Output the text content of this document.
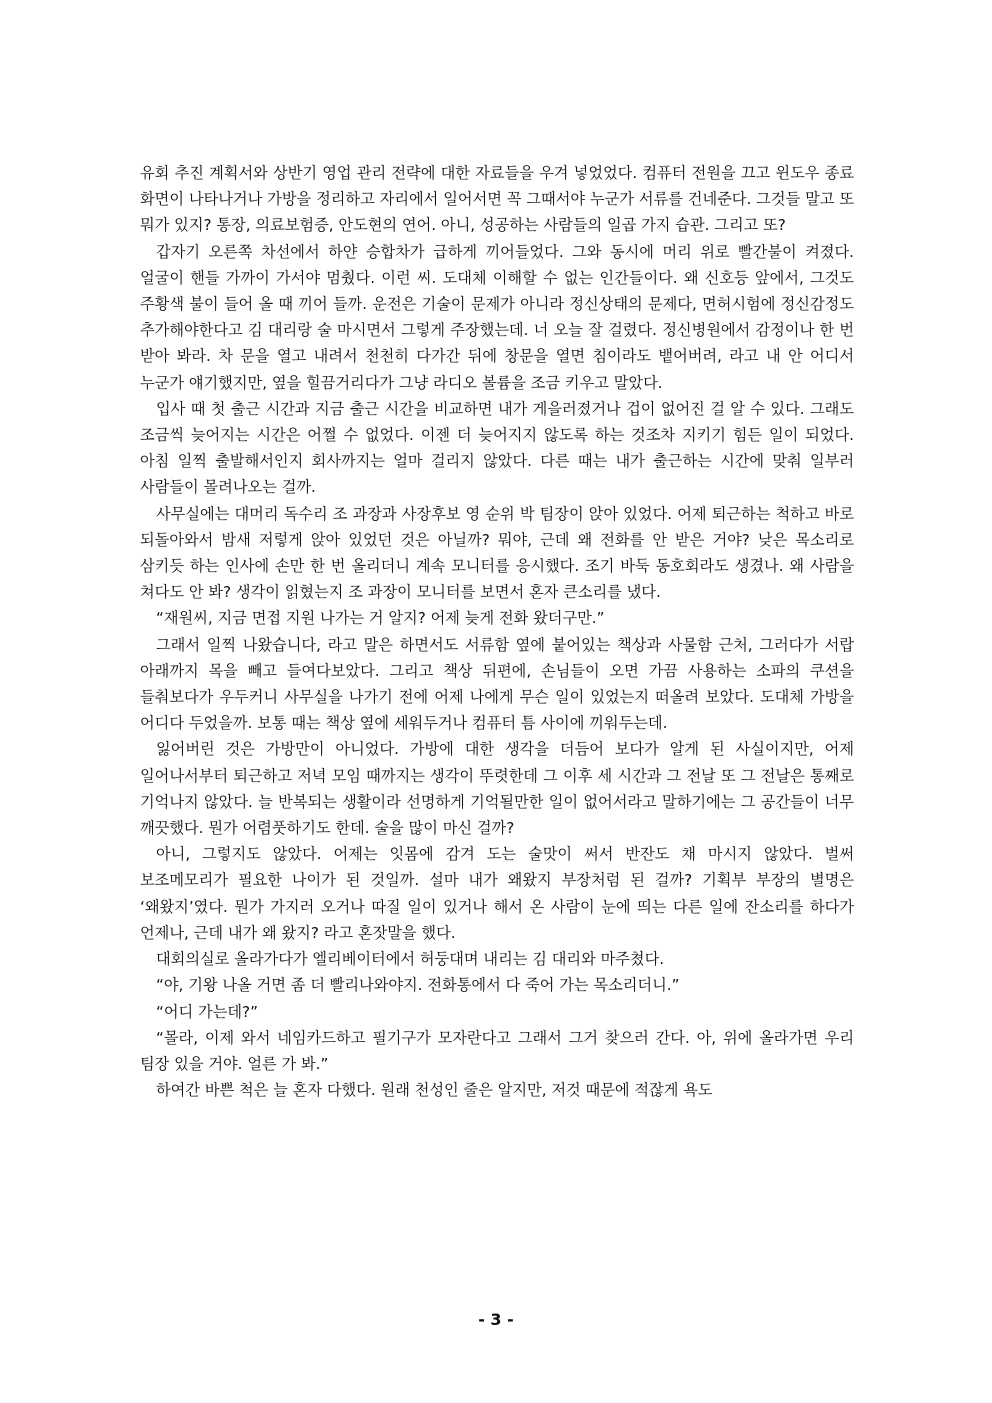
유회 추진 계획서와 상반기 영업 관리 전략에 대한 자료들을 우겨 넣었었다. 컴퓨터 전원을 끄고 윈도우 종료 화면이 나타나거나 가방을 정리하고 자리에서 일어서면 꼭 그때서야 누군가 서류를 건네준다. 그것들 말고 또 뭐가 있지? 통장, 의료보험증, 안도현의 연어. 아니, 성공하는 사람들의 일곱 가지 습관. 그리고 또?

갑자기 오른쪽 차선에서 하얀 승합차가 급하게 끼어들었다. 그와 동시에 머리 위로 빨간불이 켜졌다. 얼굴이 핸들 가까이 가서야 멈췄다. 이런 씨. 도대체 이해할 수 없는 인간들이다. 왜 신호등 앞에서, 그것도 주황색 불이 들어 올 때 끼어 들까. 운전은 기술이 문제가 아니라 정신상태의 문제다, 면허시험에 정신감정도 추가해야한다고 김 대리랑 술 마시면서 그렇게 주장했는데. 너 오늘 잘 걸렸다. 정신병원에서 감정이나 한 번 받아 봐라. 차 문을 열고 내려서 천천히 다가간 뒤에 창문을 열면 침이라도 뱉어버려, 라고 내 안 어디서 누군가 얘기했지만, 옆을 힐끔거리다가 그냥 라디오 볼륨을 조금 키우고 말았다.

입사 때 첫 출근 시간과 지금 출근 시간을 비교하면 내가 게을러졌거나 겁이 없어진 걸 알 수 있다. 그래도 조금씩 늦어지는 시간은 어쩔 수 없었다. 이젠 더 늦어지지 않도록 하는 것조차 지키기 힘든 일이 되었다. 아침 일찍 출발해서인지 회사까지는 얼마 걸리지 않았다. 다른 때는 내가 출근하는 시간에 맞춰 일부러 사람들이 몰려나오는 걸까.

사무실에는 대머리 독수리 조 과장과 사장후보 영 순위 박 팀장이 앉아 있었다. 어제 퇴근하는 척하고 바로 되돌아와서 밤새 저렇게 앉아 있었던 것은 아닐까? 뭐야, 근데 왜 전화를 안 받은 거야? 낮은 목소리로 삼키듯 하는 인사에 손만 한 번 올리더니 계속 모니터를 응시했다. 조기 바둑 동호회라도 생겼나. 왜 사람을 쳐다도 안 봐? 생각이 읽혔는지 조 과장이 모니터를 보면서 혼자 큰소리를 냈다.

“재원씨, 지금 면접 지원 나가는 거 알지? 어제 늦게 전화 왔더구만.”

그래서 일찍 나왔습니다, 라고 말은 하면서도 서류함 옆에 붙어있는 책상과 사물함 근처, 그러다가 서랍 아래까지 목을 빼고 들여다보았다. 그리고 책상 뒤편에, 손님들이 오면 가끔 사용하는 소파의 쿠션을 들춰보다가 우두커니 사무실을 나가기 전에 어제 나에게 무슨 일이 있었는지 떠올려 보았다. 도대체 가방을 어디다 두었을까. 보통 때는 책상 옆에 세워두거나 컴퓨터 틈 사이에 끼워두는데.

잃어버린 것은 가방만이 아니었다. 가방에 대한 생각을 더듬어 보다가 알게 된 사실이지만, 어제 일어나서부터 퇴근하고 저녁 모임 때까지는 생각이 뚜렷한데 그 이후 세 시간과 그 전날 또 그 전날은 통째로 기억나지 않았다. 늘 반복되는 생활이라 선명하게 기억될만한 일이 없어서라고 말하기에는 그 공간들이 너무 깨끗했다. 뭔가 어렴풋하기도 한데. 술을 많이 마신 걸까?

아니, 그렇지도 않았다. 어제는 잇몸에 감겨 도는 술맛이 써서 반잔도 채 마시지 않았다. 벌써 보조메모리가 필요한 나이가 된 것일까. 설마 내가 왜왔지 부장처럼 된 걸까? 기획부 부장의 별명은 ‘왜왔지’였다. 뭔가 가지러 오거나 따질 일이 있거나 해서 온 사람이 눈에 띄는 다른 일에 잔소리를 하다가 언제나, 근데 내가 왜 왔지? 라고 혼잣말을 했다.

대회의실로 올라가다가 엘리베이터에서 허둥대며 내리는 김 대리와 마주쳤다.

“야, 기왕 나올 거면 좀 더 빨리나와야지. 전화통에서 다 죽어 가는 목소리더니.”

“어디 가는데?”

“몰라, 이제 와서 네임카드하고 필기구가 모자란다고 그래서 그거 찾으러 간다. 아, 위에 올라가면 우리 팀장 있을 거야. 얼른 가 봐.”

하여간 바쁜 척은 늘 혼자 다했다. 원래 천성인 줄은 알지만, 저것 때문에 적잖게 욕도

- 3 -
